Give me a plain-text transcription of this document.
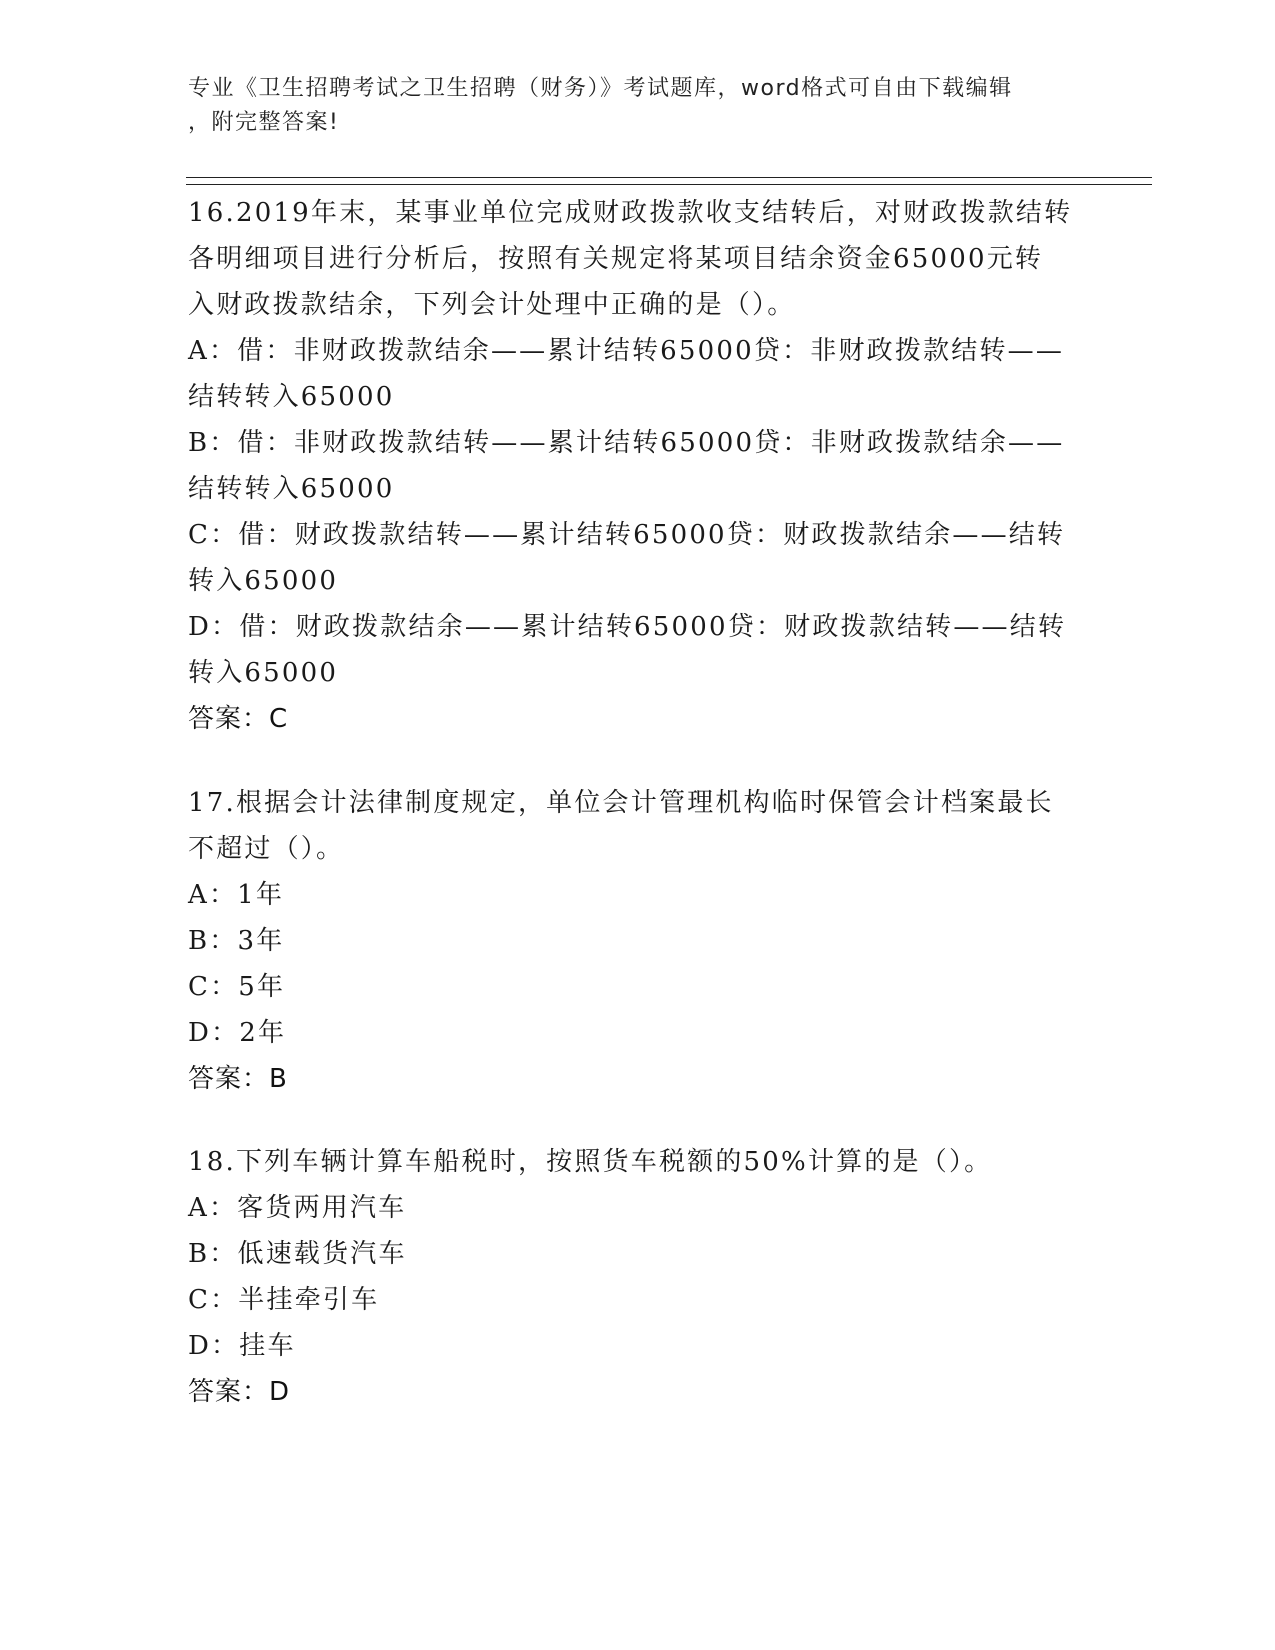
专业《卫生招聘考试之卫生招聘（财务）》考试题库，word格式可自由下载编辑
，附完整答案!
16.2019年末，某事业单位完成财政拨款收支结转后，对财政拨款结转
各明细项目进行分析后，按照有关规定将某项目结余资金65000元转
入财政拨款结余，下列会计处理中正确的是（）。
A：借：非财政拨款结余——累计结转65000贷：非财政拨款结转——
结转转入65000
B：借：非财政拨款结转——累计结转65000贷：非财政拨款结余——
结转转入65000
C：借：财政拨款结转——累计结转65000贷：财政拨款结余——结转
转入65000
D：借：财政拨款结余——累计结转65000贷：财政拨款结转——结转
转入65000
答案：C
17.根据会计法律制度规定，单位会计管理机构临时保管会计档案最长
不超过（）。
A：1年
B：3年
C：5年
D：2年
答案：B
18.下列车辆计算车船税时，按照货车税额的50%计算的是（）。
A：客货两用汽车
B：低速载货汽车
C：半挂牵引车
D：挂车
答案：D
